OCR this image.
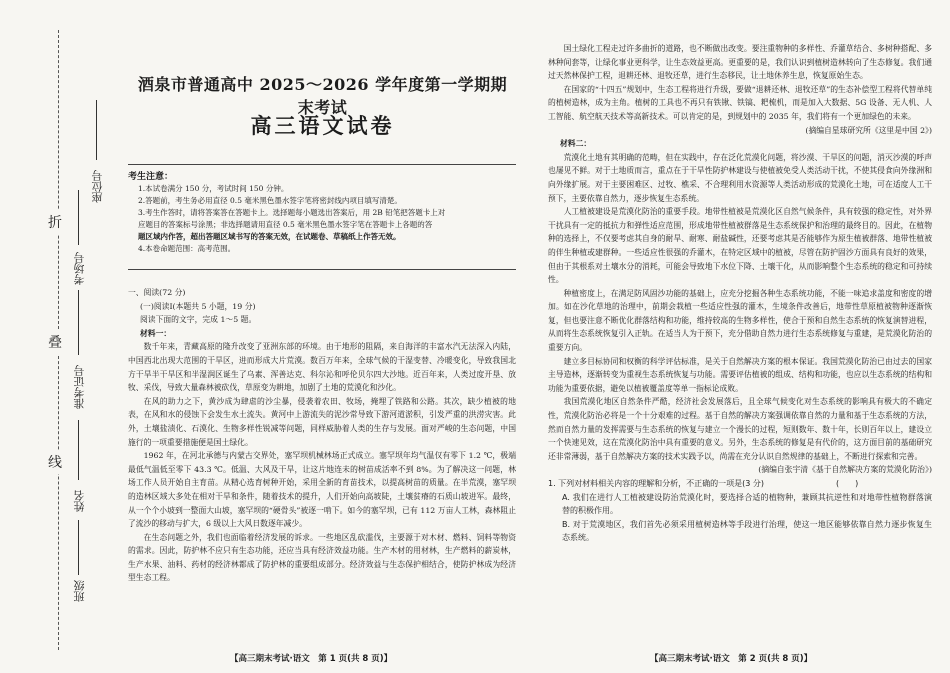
折
叠
线
座位号
考场号
准考证号
姓名
班级
酒泉市普通高中 2025～2026 学年度第一学期期末考试
高三语文试卷
考生注意：

1.本试卷满分 150 分，考试时间 150 分钟。

2.答题前，考生务必用直径 0.5 毫米黑色墨水签字笔将密封线内项目填写清楚。

3.考生作答时，请将答案答在答题卡上。选择题每小题选出答案后，用 2B 铅笔把答题卡上对

应题目的答案标号涂黑；非选择题请用直径 0.5 毫米黑色墨水签字笔在答题卡上各题的答

题区域内作答，超出答题区域书写的答案无效，在试题卷、草稿纸上作答无效。

4.本卷命题范围：高考范围。

一、阅读(72 分)

(一)阅读Ⅰ(本题共 5 小题，19 分)

阅读下面的文字，完成 1～5 题。

材料一：

数千年来，青藏高原的隆升改变了亚洲东部的环境。由于地形的阻隔，来自海洋的丰富水汽无法深入内陆，中国西北出现大范围的干旱区，进而形成大片荒漠。数百万年来，全球气候的干湿变替、冷暖变化，导致我国北方干旱半干旱区和半湿润区诞生了乌素、浑善达克、科尔沁和呼伦贝尔四大沙地。近百年来，人类过度开垦、放牧、采伐，导致大量森林被砍伐，草原变为耕地，加剧了土地的荒漠化和沙化。

在风的助力之下，黄沙成为肆虐的沙尘暴，侵袭着农田、牧场，掩埋了铁路和公路。其次，缺少植被的地表，在风和水的侵蚀下会发生水土流失。黄河中上游流失的泥沙常导致下游河道淤积，引发严重的洪涝灾害。此外，土壤盐渍化、石漠化、生物多样性锐减等问题，同样威胁着人类的生存与发展。面对严峻的生态问题，中国施行的一项重要措施便是国土绿化。

1962 年，在河北承德与内蒙古交界处，塞罕坝机械林场正式成立。塞罕坝年均气温仅有零下 1.2 ℃，极端最低气温低至零下 43.3 ℃。低温、大风及干旱，让这片地连未的树苗成活率不到 8%。为了解决这一问题，林场工作人员开始自主育苗。从精心选育树种开始，采用全新的育苗技术，以提高树苗的质量。在半荒漠，塞罕坝的造林区域大多处在相对干旱和条件，随着技术的提升，人们开始向高坡陡，土壤贫瘠的石质山坡进军。最终，从一个个小坡到一整面大山坡，塞罕坝的“硬骨头”被逐一啃下。如今的塞罕坝，已有 112 万亩人工林，森林阻止了流沙的移动与扩大，6 级以上大风日数逐年减少。

在生态问题之外，我们也面临着经济发展的诉求。一些地区乱砍滥伐，主要源于对木材、燃料、饲料等物资的需求。因此，防护林不应只有生态功能，还应当具有经济效益功能。生产木材的用材林，生产燃料的薪炭林，生产水果、油料、药材的经济林都成了防护林的重要组成部分。经济效益与生态保护相结合，使防护林成为经济型生态工程。

【高三期末考试·语文　第 1 页(共 8 页)】

国土绿化工程走过许多曲折的道路，也不断做出改变。要注重物种的多样性、乔灌草结合、多树种搭配、多林种间套等，让绿化事业更科学，让生态效益更高。更重要的是，我们认识到植树造林转向了生态修复。我们通过天然林保护工程，退耕还林、退牧还草，进行生态移民，让土地休养生息，恢复原始生态。

在国家的“十四五”规划中，生态工程将进行升级，要做“退耕还林、退牧还草”的生态补偿型工程将代替单纯的植树造林，成为主角。植树的工具也不再只有铁锹、铁镐、耙梳机，而是加入大数据、5G 设备、无人机、人工智能、航空航天技术等高新技术。可以肯定的是，到规划中的 2035 年，我们将有一个更加绿色的未来。

(摘编自星球研究所《这里是中国 2》)

材料二：

荒漠化土地有其明确的范畴，但在实践中，存在泛化荒漠化问题，将沙漠、干旱区的问题，消灭沙漠的呼声也屡见不鲜。对于土地质而言，重点在于干旱性防护林建设与使植被免受人类活动干扰，不使其侵食向外缘洲和向外缘扩展。对于主要困难区、过牧、樵采、不合理利用水资源等人类活动形成的荒漠化土地，可在适度人工干预下，主要依靠自然力，逐步恢复生态系统。

人工植被建设是荒漠化防治的重要手段。地带性植被是荒漠化区自然气候条件，具有较强的稳定性，对外界干扰具有一定的抵抗力和弹性适应范围，形成地带性植被群落是生态系统保护和治理的最终目的。因此，在植物种的选择上，不仅要考虑其自身的耐旱、耐寒、耐盐碱性，还要考虑其是否能够作为原生植被群落、地带性植被的伴生种植或建群种。一些适应性很强的乔灌木，在特定区域中的植被，尽管在防护固沙方面具有良好的效果，但由于其根系对土壤水分的消耗，可能会导致地下水位下降、土壤干化，从而影响整个生态系统的稳定和可持续性。

种植密度上，在满足防风固沙功能的基础上，应充分挖掘各种生态系统功能，不能一味追求盖度和密度的增加。如在沙化草地的治理中，前期会栽植一些适应性强的灌木，生境条件改善后，地带性草原植被物种逐渐恢复，但也要注意不断优化群落结构和功能，维持较高的生物多样性，使合于预和自然生态系统的恢复演替进程，从而将生态系统恢复引入正轨。在适当人为于预下，充分借助自然力进行生态系统修复与重建，是荒漠化防治的重要方向。

建立多目标协同和权衡的科学评估标准，是关于自然解决方案的根本保证。我国荒漠化防治已由过去的国家主导造林，逐渐转变为重视生态系统恢复与功能。需要评估植被的组成、结构和功能，也应以生态系统的结构和功能为重要依据，避免以植被覆盖度等单一指标论成败。

我国荒漠化地区自然条件严酷，经济社会发展落后，且全球气候变化对生态系统的影响具有极大的不确定性，荒漠化防治必将是一个十分艰难的过程。基于自然的解决方案强调依靠自然的力量和基于生态系统的方法，然而自然力量的发挥需要与生态系统的恢复与建立一个漫长的过程，短则数年、数十年，长则百年以上，建设立一个快速见效，这在荒漠化防治中具有重要的意义。另外，生态系统的修复是有代价的，这方面目前的基础研究还非常薄弱，基于自然解决方案的技术实践予以，尚需在充分认识自然规律的基础上，不断进行探索和完善。

(摘编自张宇清《基于自然解决方案的荒漠化防治》)

1. 下列对材料相关内容的理解和分析，不正确的一项是(3 分)　　　　　　　　　(　　)

A. 我们在进行人工植被建设防治荒漠化时，要选择合适的植物种，兼顾其抗逆性和对地带性植物群落演替的积极作用。

B. 对于荒漠地区，我们首先必须采用植树造林等手段进行治理，使这一地区能够依靠自然力逐步恢复生态系统。

【高三期末考试·语文　第 2 页(共 8 页)】
